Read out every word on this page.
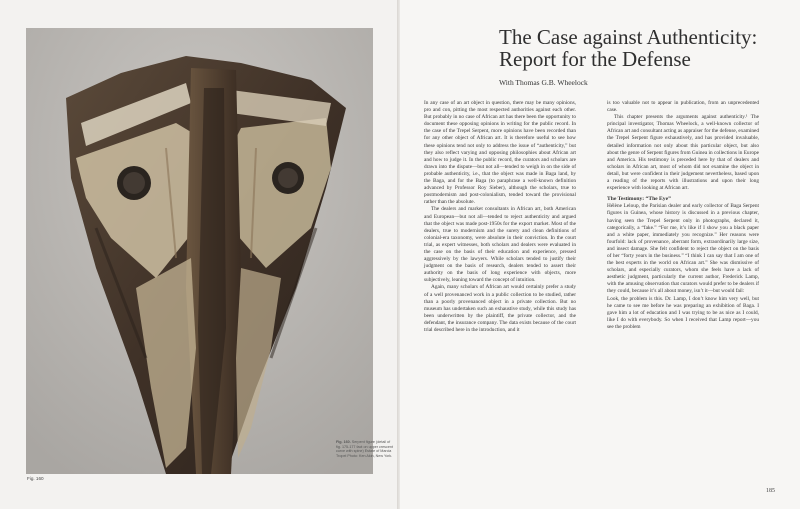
Fig. 160
Fig. 160. Serpent figure (detail of fig. 175-177 fact on upper crescent curve with spine) Estate of Marcia Tropel Photo: Ken Akin, New York.
The Case against Authenticity:
Report for the Defense
With Thomas G.B. Wheelock

In any case of an art object in question, there may be many opinions, pro and con, pitting the most respected authorities against each other. But probably in no case of African art has there been the opportunity to document these opposing opinions in writing for the public record. In the case of the Trepel Serpent, more opinions have been recorded than for any other object of African art. It is therefore useful to see how these opinions tend not only to address the issue of “authenticity,” but they also reflect varying and opposing philosophies about African art and how to judge it. In the public record, the curators and scholars are drawn into the dispute—but not all—tended to weigh in on the side of probable authenticity, i.e., that the object was made in Baga land, by the Baga, and for the Baga (to paraphrase a well-known definition advanced by Professor Roy Sieber), although the scholars, true to postmodernism and post-colonialism, tended toward the provisional rather than the absolute.

The dealers and market consultants in African art, both American and European—but not all—tended to reject authenticity and argued that the object was made post-1950s for the export market. Most of the dealers, true to modernism and the surety and clean definitions of colonial-era taxonomy, were absolute in their conviction. In the court trial, as expert witnesses, both scholars and dealers were evaluated in the case on the basis of their education and experience, pressed aggressively by the lawyers. While scholars tended to justify their judgment on the basis of research, dealers tended to assert their authority on the basis of long experience with objects, more subjectively, leaning toward the concept of intuition.

Again, many scholars of African art would certainly prefer a study of a well provenanced work in a public collection to be studied, rather than a poorly provenanced object in a private collection. But no museum has undertaken such an exhaustive study, while this study has been underwritten by the plaintiff, the private collector, and the defendant, the insurance company. The data exists because of the court trial described here in the introduction, and it

is too valuable not to appear in publication, from an unprecedented case.

This chapter presents the arguments against authenticity.¹ The principal investigator, Thomas Wheelock, a well-known collector of African art and consultant acting as appraiser for the defense, examined the Trepel Serpent figure exhaustively, and has provided invaluable, detailed information not only about this particular object, but also about the genre of Serpent figures from Guinea in collections in Europe and America. His testimony is preceded here by that of dealers and scholars in African art, most of whom did not examine the object in detail, but were confident in their judgement nevertheless, based upon a reading of the reports with illustrations and upon their long experience with looking at African art.

The Testimony: “The Eye”

Hélène Leloup, the Parisian dealer and early collector of Baga Serpent figures in Guinea, whose history is discussed in a previous chapter, having seen the Trepel Serpent only in photographs, declared it, categorically, a “fake.” “For me, it’s like if I show you a black paper and a white paper, immediately you recognize.” Her reasons were fourfold: lack of provenance, aberrant form, extraordinarily large size, and insect damage. She felt confident to reject the object on the basis of her “forty years in the business.” “I think I can say that I am one of the best experts in the world on African art.” She was dismissive of scholars, and especially curators, whom she feels have a lack of aesthetic judgment, particularly the current author, Frederick Lamp, with the amusing observation that curators would prefer to be dealers if they could, because it’s all about money, isn’t it—but would fail:

Look, the problem is this. Dr. Lamp, I don’t know him very well, but he came to see me before he was preparing an exhibition of Baga. I gave him a lot of education and I was trying to be as nice as I could, like I do with everybody. So when I received that Lamp report—you see the problem

185
